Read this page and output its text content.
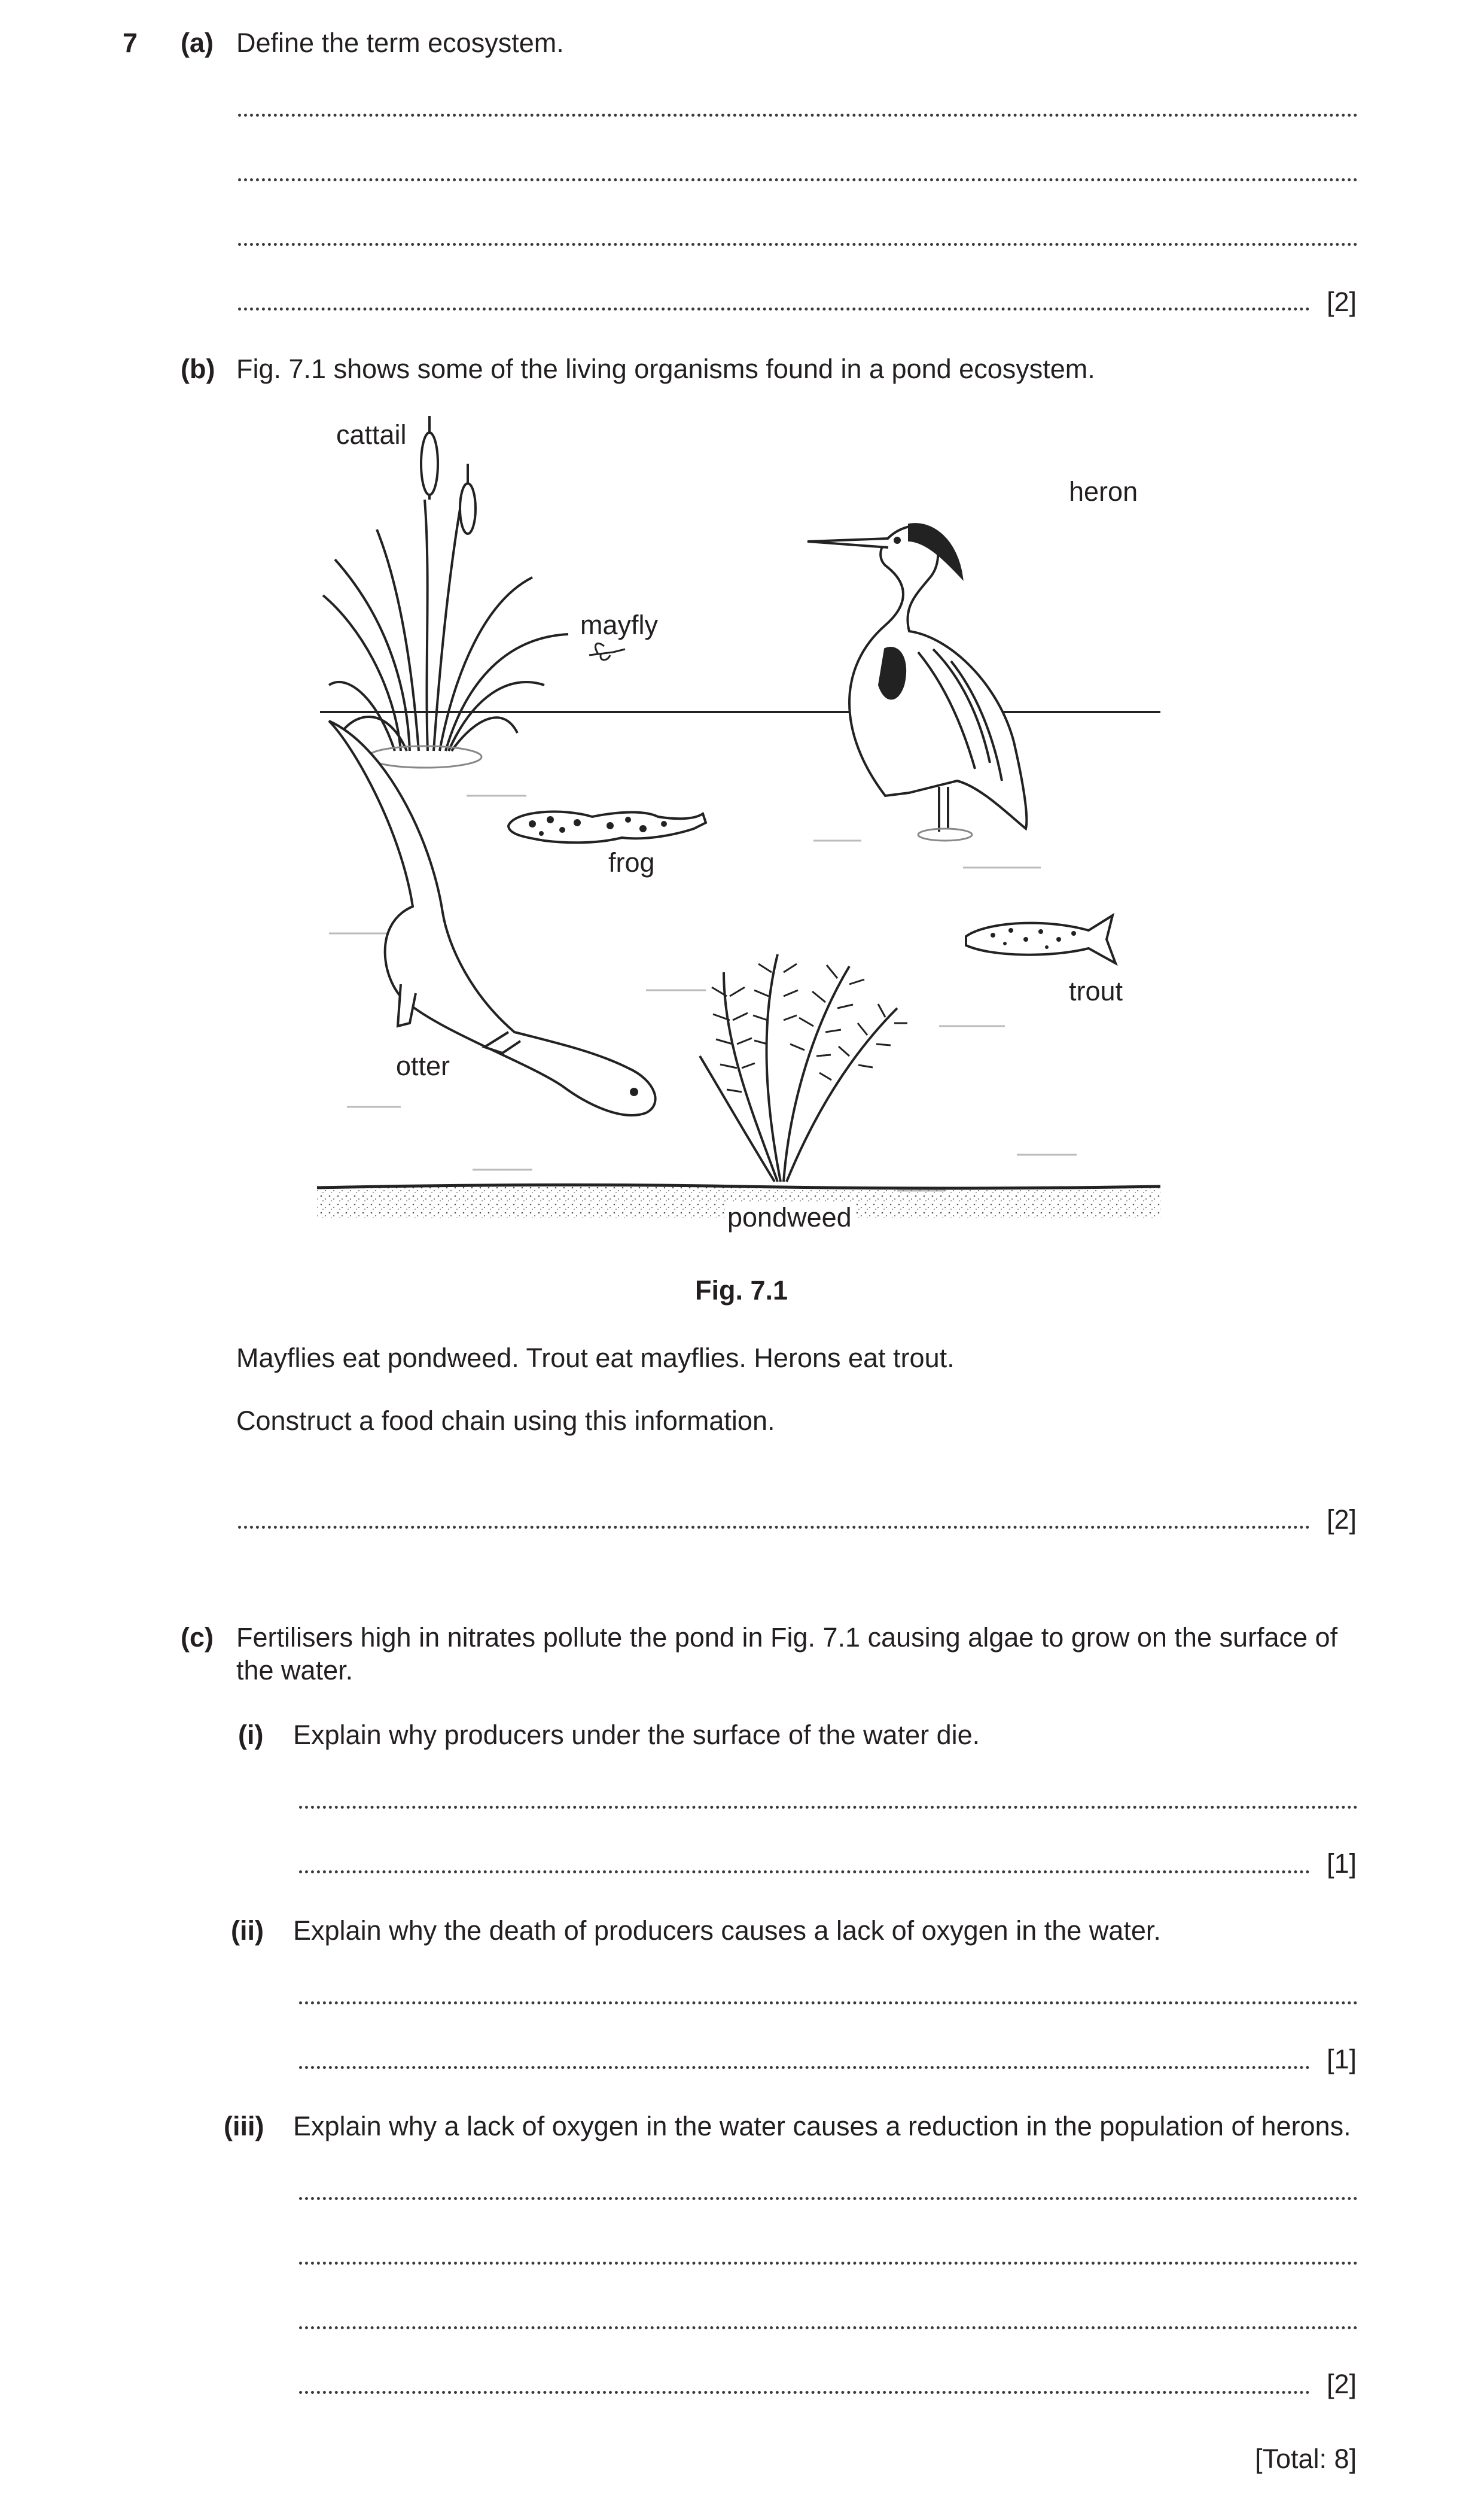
7 (a) Define the term ecosystem.
[2]
(b) Fig. 7.1 shows some of the living organisms found in a pond ecosystem.
cattail
heron
mayfly
frog
trout
otter
pondweed
Fig. 7.1
Mayflies eat pondweed. Trout eat mayflies. Herons eat trout.
Construct a food chain using this information.
[2]
(c) Fertilisers high in nitrates pollute the pond in Fig. 7.1 causing algae to grow on the surface of
the water.
(i) Explain why producers under the surface of the water die.
[1]
(ii) Explain why the death of producers causes a lack of oxygen in the water.
[1]
(iii) Explain why a lack of oxygen in the water causes a reduction in the population of herons.
[2]
[Total: 8]
